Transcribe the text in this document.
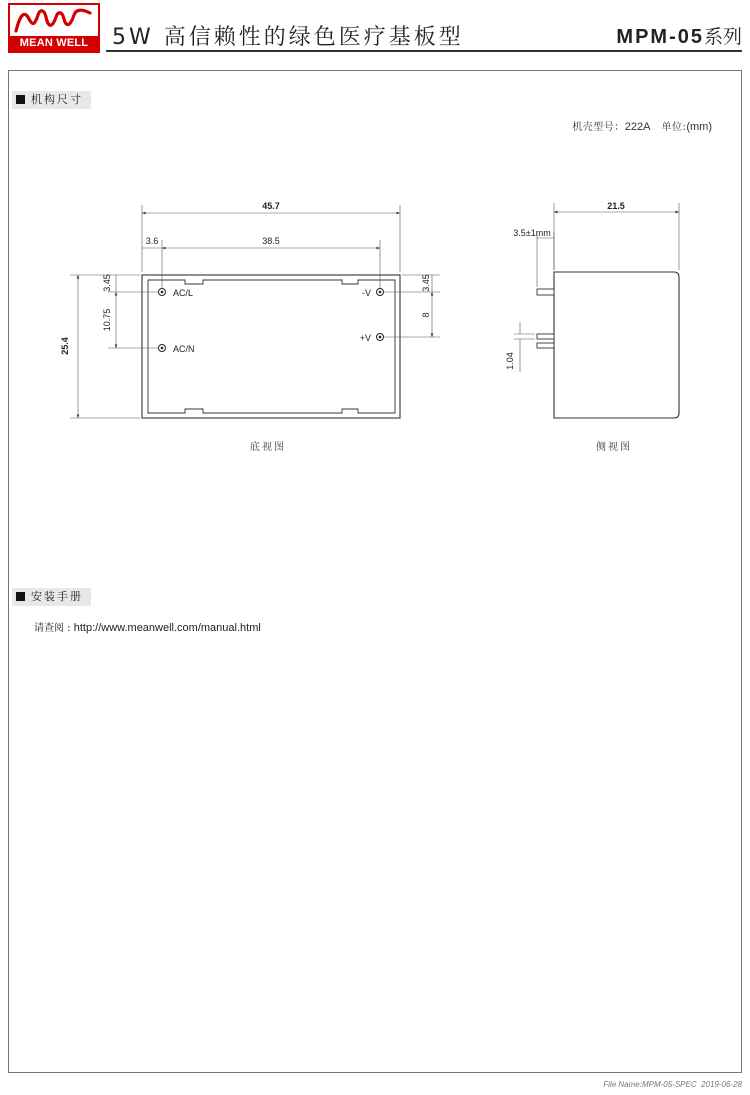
MEAN WELL	5W 高信赖性的绿色医疗基板型	MPM-05系列
机构尺寸
机壳型号：222A 单位:(mm)
AC/L
AC/N
-V
+V
45.7
38.5
3.6
25.4
3.45
10.75
3.45
8
21.5
3.5±1mm
1.04
底视图	侧视图
安装手册
请查阅 : http://www.meanwell.com/manual.html
File Name:MPM-05-SPEC 2019-06-28
